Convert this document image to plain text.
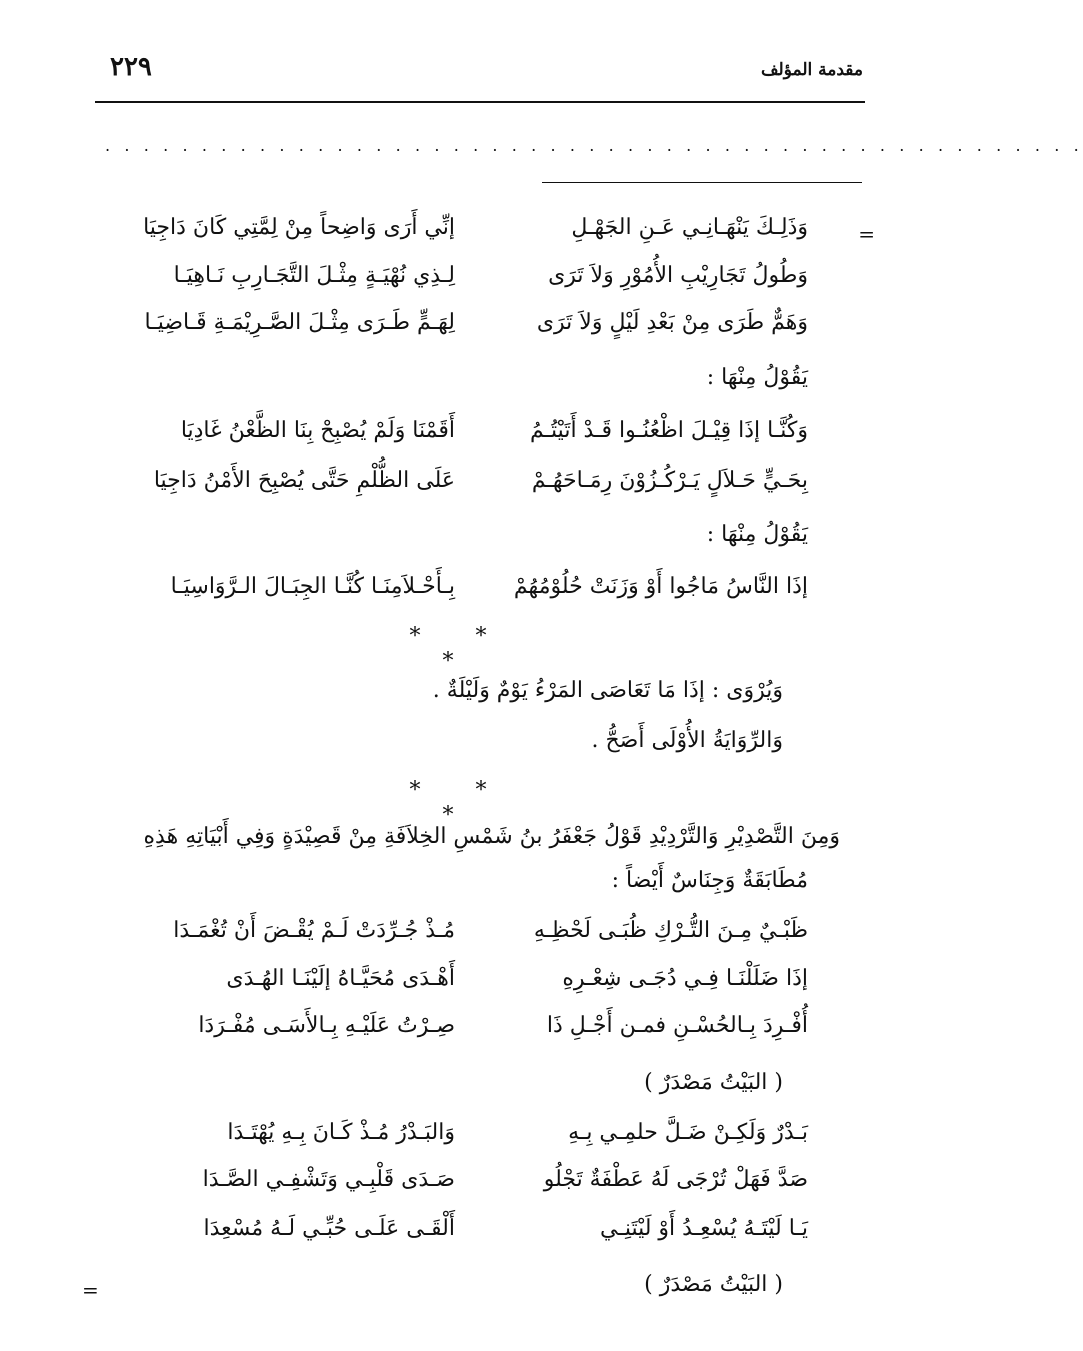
مقدمة المؤلف
٢٢٩
. . . . . . . . . . . . . . . . . . . . . . . . . . . . . . . . . . . . . . . . . . . . . . . . . . .
=
وَذَلِـكَ يَنْهَـانِـي عَـنِ الجَهْـلِ
إنِّي أَرَى وَاضِحاً مِنْ لِمَّتِي كَانَ دَاجِيَا
وَطُولُ تَجَارِيْبِ الأُمُوْرِ وَلاَ تَرَى
لِـذِي نُهْيَـةٍ مِثْـلَ التَّجَـارِبِ نَـاهِيَـا
وَهَمٌّ طَرَى مِنْ بَعْدِ لَيْلٍ وَلاَ تَرَى
لِهَـمٍّ طَـرَى مِثْـلَ الصَّـرِيْمَـةِ قَـاضِيَـا
يَقُوْلُ مِنْهَا :
وَكُنَّـا إذَا قِيْـلَ اظْعُنُـوا قَـدْ أَتَيْتُـمُ
أَقَمْنَا وَلَمْ يُصْبِحْ بِنَا الظَّعْنُ غَادِيَا
بِحَـيٍّ حَـلاَلٍ يَـرْكُـزُوْنَ رِمَـاحَهُـمْ
عَلَى الظُّلْمِ حَتَّى يُصْبِحَ الأَمْنُ دَاجِيَا
يَقُوْلُ مِنْهَا :
إذَا النَّاسُ مَاجُوا أَوْ وَزَنَتْ حُلُوْمُهُمْ
بِـأَحْـلاَمِنَـا كُنَّـا الجِبَـالَ الـرَّوَاسِيَـا
* * *
وَيُرْوَى : إذَا مَا تَعَاصَى المَرْءُ يَوْمٌ وَلَيْلَةٌ .
وَالرِّوَايَةُ الأُوْلَى أَصَحُّ .
* * *
وَمِنَ التَّصْدِيْرِ وَالتَّرْدِيْدِ قَوْلُ جَعْفَرُ بنُ شَمْسِ الخِلاَفَةِ مِنْ قَصِيْدَةٍ وَفِي أَبْيَاتِهِ هَذِهِ
مُطَابَقَةٌ وَجِنَاسٌ أَيْضاً :
ظَبْـيٌ مِـنَ التُّـرْكِ ظُبَـى لَحْظِـهِ
مُـذْ جُـرِّدَتْ لَـمْ يُقْـضَ أَنْ تُغْمَـدَا
إذَا ضَلَلْنَـا فِـي دُجَـى شِعْـرِهِ
أَهْـدَى مُحَيَّـاهُ إلَيْنَـا الهُـدَى
أُفْـرِدَ بِـالحُسْـنِ فمـن أَجْـلِ ذَا
صِـرْتُ عَلَيْـهِ بِـالأَسَـى مُفْـرَدَا
( البَيْتُ مَصْدَرٌ )
بَـدْرٌ وَلَكِـنْ ضَـلَّ حلمِـي بِـهِ
وَالبَـدْرُ مُـذْ كَـانَ بِـهِ يُهْتَـدَا
صَدَّ فَهَلْ تُرْجَى لَهُ عَطْفَةٌ تَجْلُو
صَـدَى قَلْبِـي وَتَشْفِـي الصَّـدَا
يَـا لَيْتَـهُ يُسْعِـدُ أَوْ لَيْتَنِـي
أَلْقَـى عَلَـى حُبِّـي لَـهُ مُسْعِدَا
( البَيْتُ مَصْدَرٌ )
=
